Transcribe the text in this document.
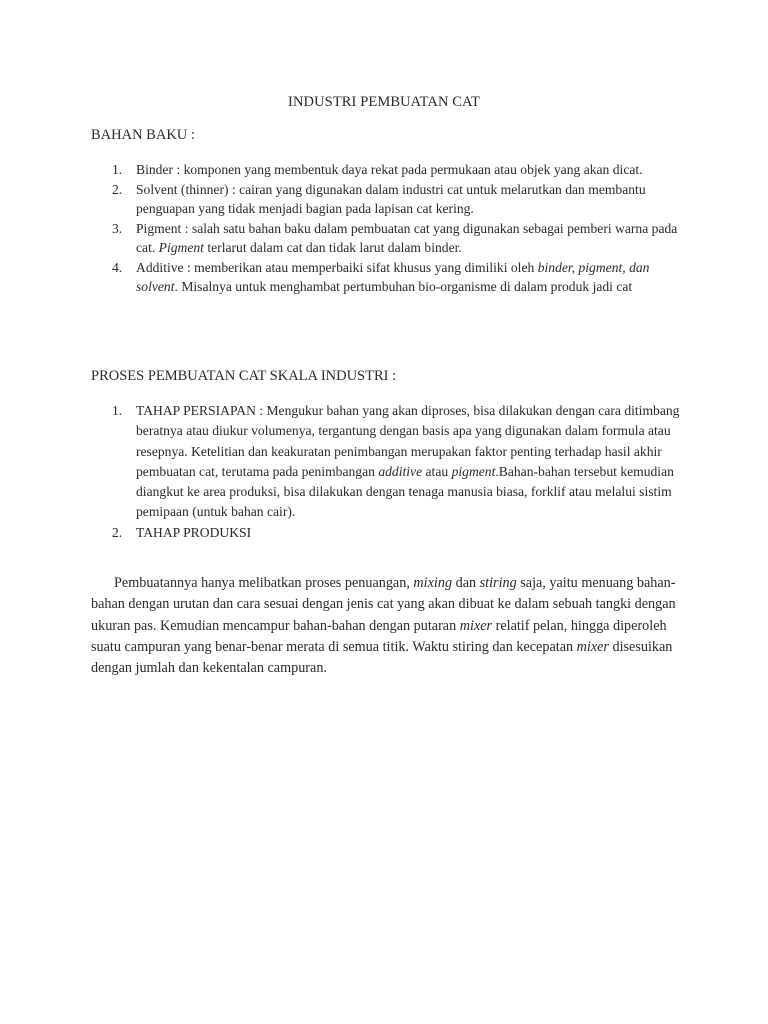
INDUSTRI PEMBUATAN CAT
BAHAN BAKU :
1. Binder : komponen yang membentuk daya rekat pada permukaan atau objek yang akan dicat.
2. Solvent (thinner) : cairan yang digunakan dalam industri cat untuk melarutkan dan membantu penguapan yang tidak menjadi bagian pada lapisan cat kering.
3. Pigment : salah satu bahan baku dalam pembuatan cat yang digunakan sebagai pemberi warna pada cat. Pigment terlarut dalam cat dan tidak larut dalam binder.
4. Additive : memberikan atau memperbaiki sifat khusus yang dimiliki oleh binder, pigment, dan solvent. Misalnya untuk menghambat pertumbuhan bio-organisme di dalam produk jadi cat
PROSES PEMBUATAN CAT SKALA INDUSTRI :
1. TAHAP PERSIAPAN : Mengukur bahan yang akan diproses, bisa dilakukan dengan cara ditimbang beratnya atau diukur volumenya, tergantung dengan basis apa yang digunakan dalam formula atau resepnya. Ketelitian dan keakuratan penimbangan merupakan faktor penting terhadap hasil akhir pembuatan cat, terutama pada penimbangan additive atau pigment.Bahan-bahan tersebut kemudian diangkut ke area produksi, bisa dilakukan dengan tenaga manusia biasa, forklif atau melalui sistim pemipaan (untuk bahan cair).
2. TAHAP PRODUKSI
Pembuatannya hanya melibatkan proses penuangan, mixing dan stiring saja, yaitu menuang bahan-bahan dengan urutan dan cara sesuai dengan jenis cat yang akan dibuat ke dalam sebuah tangki dengan ukuran pas. Kemudian mencampur bahan-bahan dengan putaran mixer relatif pelan, hingga diperoleh suatu campuran yang benar-benar merata di semua titik. Waktu stiring dan kecepatan mixer disesuikan dengan jumlah dan kekentalan campuran.
